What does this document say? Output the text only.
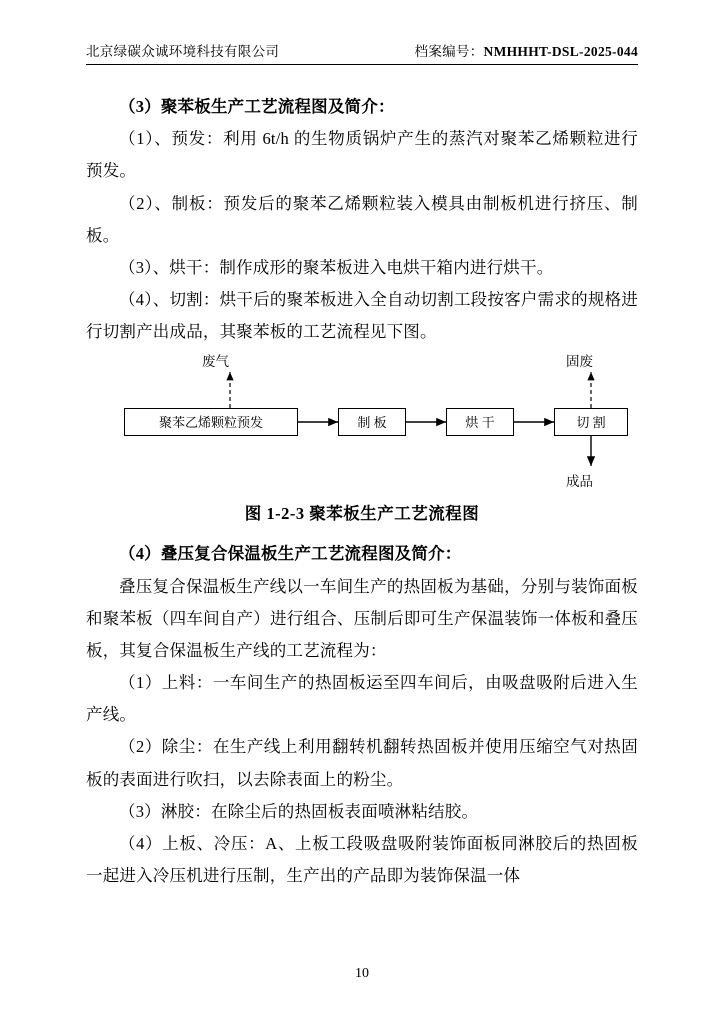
北京绿碳众诚环境科技有限公司	档案编号：NMHHHT-DSL-2025-044

（3）聚苯板生产工艺流程图及简介：

（1）、预发：利用 6t/h 的生物质锅炉产生的蒸汽对聚苯乙烯颗粒进行预发。

（2）、制板：预发后的聚苯乙烯颗粒装入模具由制板机进行挤压、制板。

（3）、烘干：制作成形的聚苯板进入电烘干箱内进行烘干。

（4）、切割：烘干后的聚苯板进入全自动切割工段按客户需求的规格进行切割产出成品，其聚苯板的工艺流程见下图。

废气	固废
成品
聚苯乙烯颗粒预发	制 板	烘 干	切 割
图 1-2-3 聚苯板生产工艺流程图

（4）叠压复合保温板生产工艺流程图及简介：

叠压复合保温板生产线以一车间生产的热固板为基础，分别与装饰面板和聚苯板（四车间自产）进行组合、压制后即可生产保温装饰一体板和叠压板，其复合保温板生产线的工艺流程为：

（1）上料：一车间生产的热固板运至四车间后，由吸盘吸附后进入生产线。

（2）除尘：在生产线上利用翻转机翻转热固板并使用压缩空气对热固板的表面进行吹扫，以去除表面上的粉尘。

（3）淋胶：在除尘后的热固板表面喷淋粘结胶。

（4）上板、冷压：A、上板工段吸盘吸附装饰面板同淋胶后的热固板一起进入冷压机进行压制，生产出的产品即为装饰保温一体

10
